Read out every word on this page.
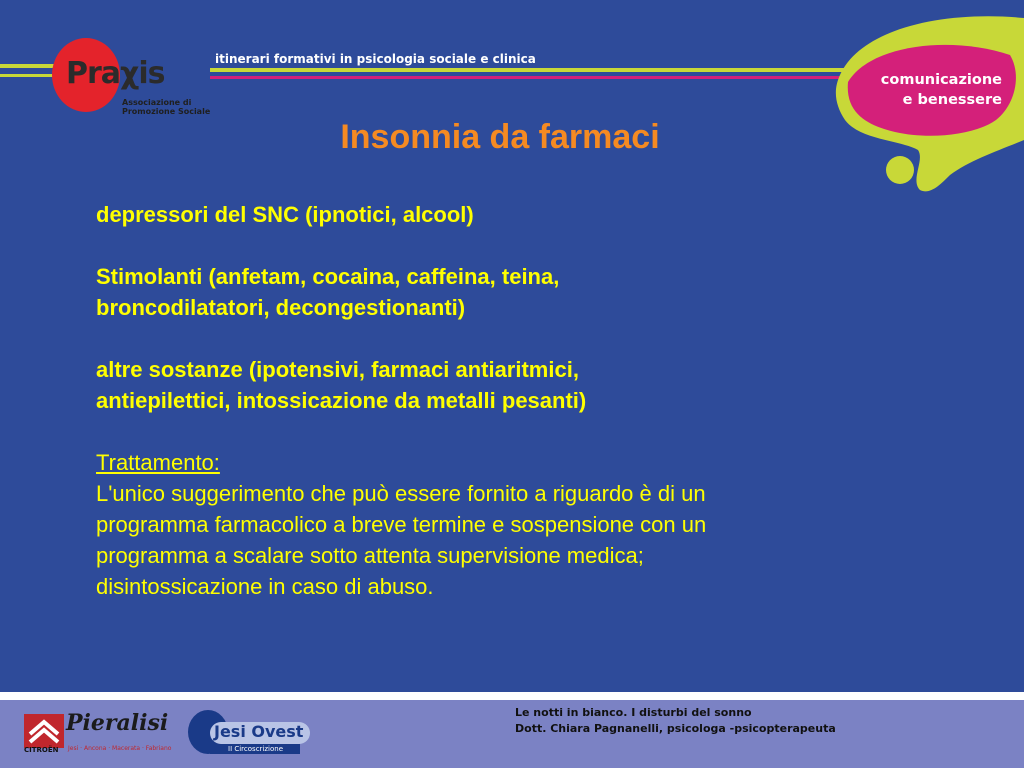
Praχis
Associazione di
Promozione Sociale
itinerari formativi in psicologia sociale e clinica
comunicazione
e benessere
Insonnia da farmaci

depressori del SNC (ipnotici, alcool)

Stimolanti (anfetam, cocaina, caffeina, teina,

broncodilatatori, decongestionanti)

altre sostanze (ipotensivi, farmaci antiaritmici,

antiepilettici, intossicazione da metalli pesanti)

Trattamento:

L'unico suggerimento che può essere fornito a riguardo è di un

programma farmacolico a breve termine e sospensione con un

programma a scalare sotto attenta supervisione medica;

disintossicazione in caso di abuso.

CITROËN
Pieralisi
Jesi · Ancona · Macerata · Fabriano
Jesi Ovest
II Circoscrizione
Le notti in bianco. I disturbi del sonno
Dott. Chiara Pagnanelli, psicologa -psicopterapeuta
